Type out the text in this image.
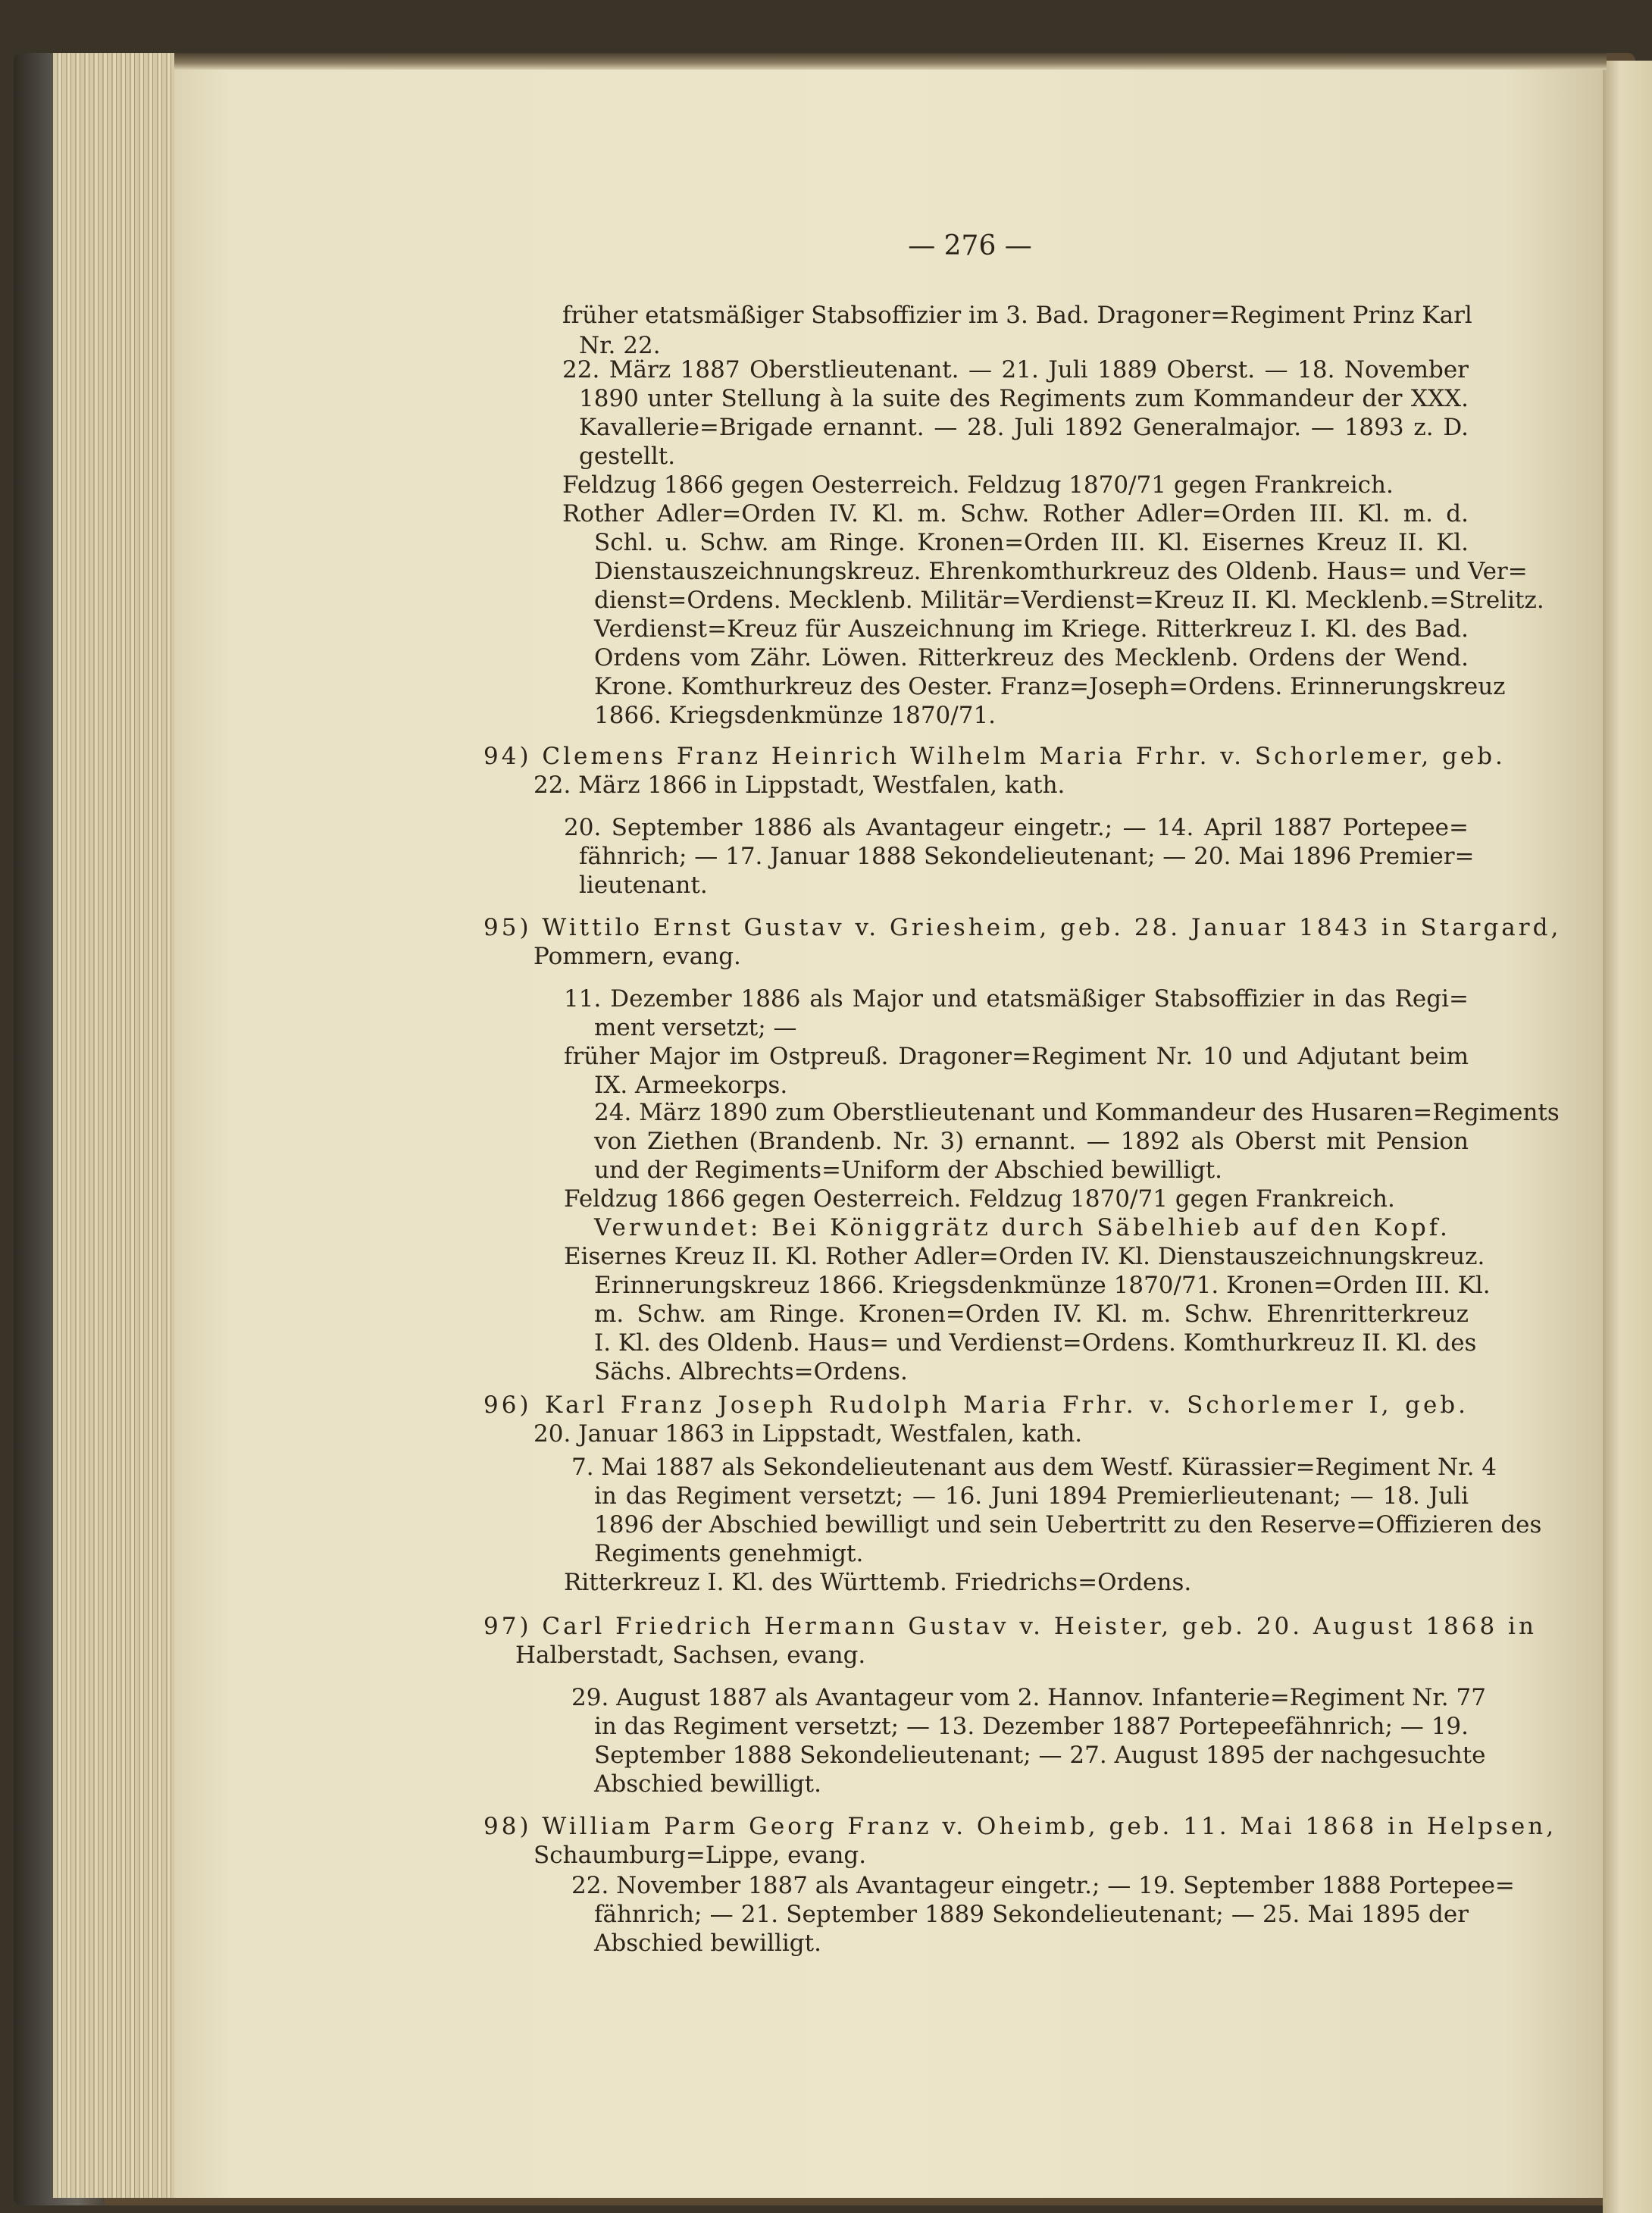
— 276 —
früher etatsmäßiger Stabsoffizier im 3. Bad. Dragoner=Regiment Prinz Karl
Nr. 22.
22. März 1887 Oberstlieutenant. — 21. Juli 1889 Oberst. — 18. November
1890 unter Stellung à la suite des Regiments zum Kommandeur der XXX.
Kavallerie=Brigade ernannt. — 28. Juli 1892 Generalmajor. — 1893 z. D.
gestellt.
Feldzug 1866 gegen Oesterreich. Feldzug 1870/71 gegen Frankreich.
Rother Adler=Orden IV. Kl. m. Schw. Rother Adler=Orden III. Kl. m. d.
Schl. u. Schw. am Ringe. Kronen=Orden III. Kl. Eisernes Kreuz II. Kl.
Dienstauszeichnungskreuz. Ehrenkomthurkreuz des Oldenb. Haus= und Ver=
dienst=Ordens. Mecklenb. Militär=Verdienst=Kreuz II. Kl. Mecklenb.=Strelitz.
Verdienst=Kreuz für Auszeichnung im Kriege. Ritterkreuz I. Kl. des Bad.
Ordens vom Zähr. Löwen. Ritterkreuz des Mecklenb. Ordens der Wend.
Krone. Komthurkreuz des Oester. Franz=Joseph=Ordens. Erinnerungskreuz
1866. Kriegsdenkmünze 1870/71.
94) Clemens Franz Heinrich Wilhelm Maria Frhr. v. Schorlemer, geb.
22. März 1866 in Lippstadt, Westfalen, kath.
20. September 1886 als Avantageur eingetr.; — 14. April 1887 Portepee=
fähnrich; — 17. Januar 1888 Sekondelieutenant; — 20. Mai 1896 Premier=
lieutenant.
95) Wittilo Ernst Gustav v. Griesheim, geb. 28. Januar 1843 in Stargard,
Pommern, evang.
11. Dezember 1886 als Major und etatsmäßiger Stabsoffizier in das Regi=
ment versetzt; —
früher Major im Ostpreuß. Dragoner=Regiment Nr. 10 und Adjutant beim
IX. Armeekorps.
24. März 1890 zum Oberstlieutenant und Kommandeur des Husaren=Regiments
von Ziethen (Brandenb. Nr. 3) ernannt. — 1892 als Oberst mit Pension
und der Regiments=Uniform der Abschied bewilligt.
Feldzug 1866 gegen Oesterreich. Feldzug 1870/71 gegen Frankreich.
Verwundet: Bei Königgrätz durch Säbelhieb auf den Kopf.
Eisernes Kreuz II. Kl. Rother Adler=Orden IV. Kl. Dienstauszeichnungskreuz.
Erinnerungskreuz 1866. Kriegsdenkmünze 1870/71. Kronen=Orden III. Kl.
m. Schw. am Ringe. Kronen=Orden IV. Kl. m. Schw. Ehrenritterkreuz
I. Kl. des Oldenb. Haus= und Verdienst=Ordens. Komthurkreuz II. Kl. des
Sächs. Albrechts=Ordens.
96) Karl Franz Joseph Rudolph Maria Frhr. v. Schorlemer I, geb.
20. Januar 1863 in Lippstadt, Westfalen, kath.
7. Mai 1887 als Sekondelieutenant aus dem Westf. Kürassier=Regiment Nr. 4
in das Regiment versetzt; — 16. Juni 1894 Premierlieutenant; — 18. Juli
1896 der Abschied bewilligt und sein Uebertritt zu den Reserve=Offizieren des
Regiments genehmigt.
Ritterkreuz I. Kl. des Württemb. Friedrichs=Ordens.
97) Carl Friedrich Hermann Gustav v. Heister, geb. 20. August 1868 in
Halberstadt, Sachsen, evang.
29. August 1887 als Avantageur vom 2. Hannov. Infanterie=Regiment Nr. 77
in das Regiment versetzt; — 13. Dezember 1887 Portepeefähnrich; — 19.
September 1888 Sekondelieutenant; — 27. August 1895 der nachgesuchte
Abschied bewilligt.
98) William Parm Georg Franz v. Oheimb, geb. 11. Mai 1868 in Helpsen,
Schaumburg=Lippe, evang.
22. November 1887 als Avantageur eingetr.; — 19. September 1888 Portepee=
fähnrich; — 21. September 1889 Sekondelieutenant; — 25. Mai 1895 der
Abschied bewilligt.
